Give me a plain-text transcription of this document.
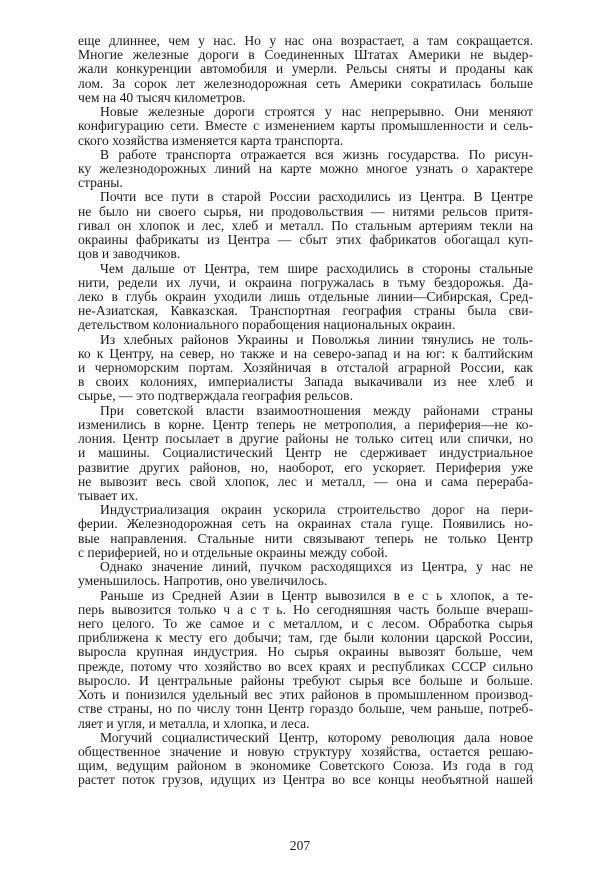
еще длиннее, чем у нас. Но у нас она возрастает, а там сокращается.
Многие железные дороги в Соединенных Штатах Америки не выдер-
жали конкуренции автомобиля и умерли. Рельсы сняты и проданы как
лом. За сорок лет железнодорожная сеть Америки сократилась больше
чем на 40 тысяч километров.
Новые железные дороги строятся у нас непрерывно. Они меняют
конфигурацию сети. Вместе с изменением карты промышленности и сель-
ского хозяйства изменяется карта транспорта.
В работе транспорта отражается вся жизнь государства. По рисун-
ку железнодорожных линий на карте можно многое узнать о характере
страны.
Почти все пути в старой России расходились из Центра. В Центре
не было ни своего сырья, ни продовольствия — нитями рельсов притя-
гивал он хлопок и лес, хлеб и металл. По стальным артериям текли на
окраины фабрикаты из Центра — сбыт этих фабрикатов обогащал куп-
цов и заводчиков.
Чем дальше от Центра, тем шире расходились в стороны стальные
нити, редели их лучи, и окраина погружалась в тьму бездорожья. Да-
леко в глубь окраин уходили лишь отдельные линии—Сибирская, Сред-
не-Азиатская, Кавказская. Транспортная география страны была сви-
детельством колониального порабощения национальных окраин.
Из хлебных районов Украины и Поволжья линии тянулись не толь-
ко к Центру, на север, но также и на северо-запад и на юг: к балтийским
и черноморским портам. Хозяйничая в отсталой аграрной России, как
в своих колониях, империалисты Запада выкачивали из нее хлеб и
сырье, — это подтверждала география рельсов.
При советской власти взаимоотношения между районами страны
изменились в корне. Центр теперь не метрополия, а периферия—не ко-
лония. Центр посылает в другие районы не только ситец или спички, но
и машины. Социалистический Центр не сдерживает индустриальное
развитие других районов, но, наоборот, его ускоряет. Периферия уже
не вывозит весь свой хлопок, лес и металл, — она и сама перераба-
тывает их.
Индустриализация окраин ускорила строительство дорог на пери-
ферии. Железнодорожная сеть на окраинах стала гуще. Появились но-
вые направления. Стальные нити связывают теперь не только Центр
с периферией, но и отдельные окраины между собой.
Однако значение линий, пучком расходящихся из Центра, у нас не
уменьшилось. Напротив, оно увеличилось.
Раньше из Средней Азии в Центр вывозился в е с ь хлопок, а те-
перь вывозится только ч а с т ь. Но сегодняшняя часть больше вчераш-
него целого. То же самое и с металлом, и с лесом. Обработка сырья
приближена к месту его добычи; там, где были колонии царской России,
выросла крупная индустрия. Но сырья окраины вывозят больше, чем
прежде, потому что хозяйство во всех краях и республиках СССР сильно
выросло. И центральные районы требуют сырья все больше и больше.
Хоть и понизился удельный вес этих районов в промышленном производ-
стве страны, но по числу тонн Центр гораздо больше, чем раньше, потреб-
ляет и угля, и металла, и хлопка, и леса.
Могучий социалистический Центр, которому революция дала новое
общественное значение и новую структуру хозяйства, остается решаю-
щим, ведущим районом в экономике Советского Союза. Из года в год
растет поток грузов, идущих из Центра во все концы необъятной нашей
207
